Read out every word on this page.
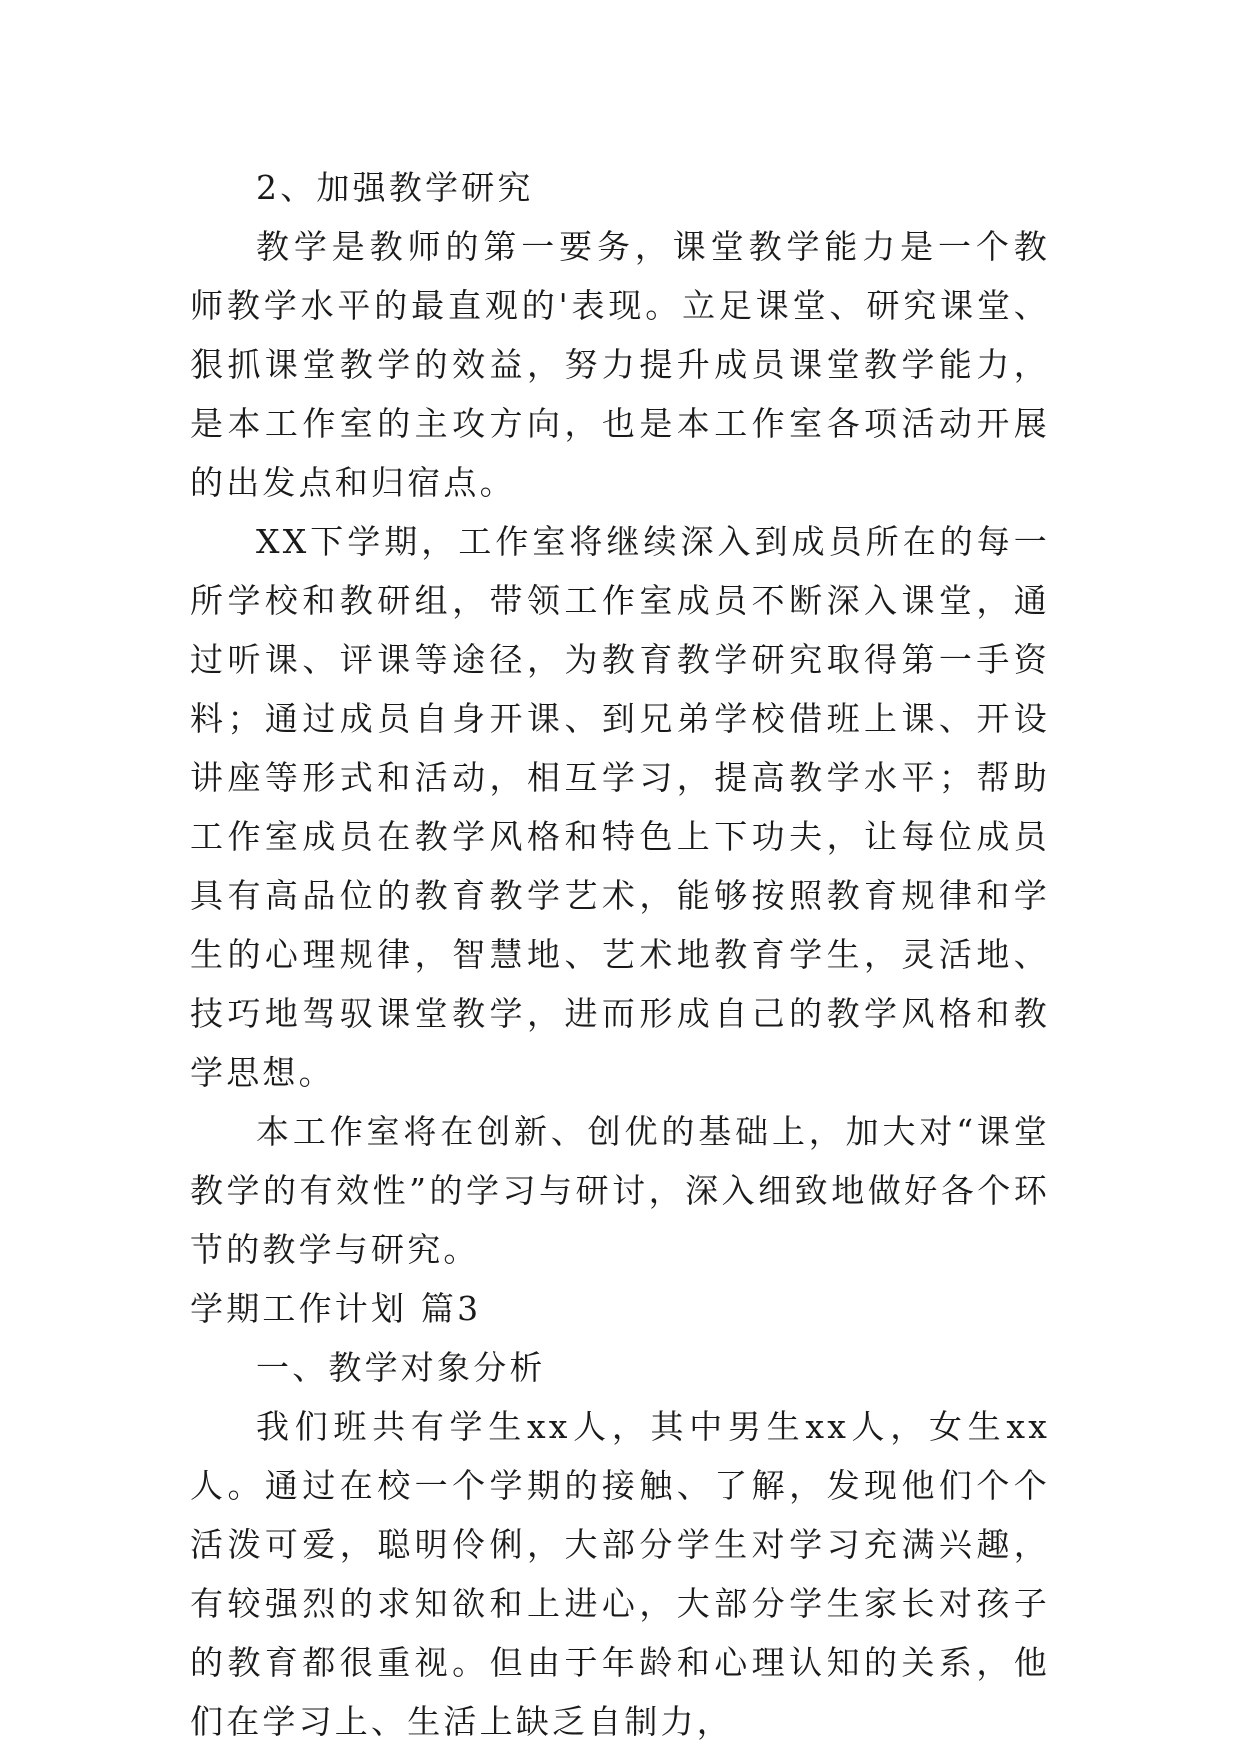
2、加强教学研究

教学是教师的第一要务，课堂教学能力是一个教师教学水平的最直观的'表现。立足课堂、研究课堂、狠抓课堂教学的效益，努力提升成员课堂教学能力，是本工作室的主攻方向，也是本工作室各项活动开展的出发点和归宿点。

XX下学期，工作室将继续深入到成员所在的每一所学校和教研组，带领工作室成员不断深入课堂，通过听课、评课等途径，为教育教学研究取得第一手资料；通过成员自身开课、到兄弟学校借班上课、开设讲座等形式和活动，相互学习，提高教学水平；帮助工作室成员在教学风格和特色上下功夫，让每位成员具有高品位的教育教学艺术，能够按照教育规律和学生的心理规律，智慧地、艺术地教育学生，灵活地、技巧地驾驭课堂教学，进而形成自己的教学风格和教学思想。

本工作室将在创新、创优的基础上，加大对“课堂教学的有效性”的学习与研讨，深入细致地做好各个环节的教学与研究。

学期工作计划 篇3

一、教学对象分析

我们班共有学生xx人，其中男生xx人，女生xx人。通过在校一个学期的接触、了解，发现他们个个活泼可爱，聪明伶俐，大部分学生对学习充满兴趣，有较强烈的求知欲和上进心，大部分学生家长对孩子的教育都很重视。但由于年龄和心理认知的关系，他们在学习上、生活上缺乏自制力，
